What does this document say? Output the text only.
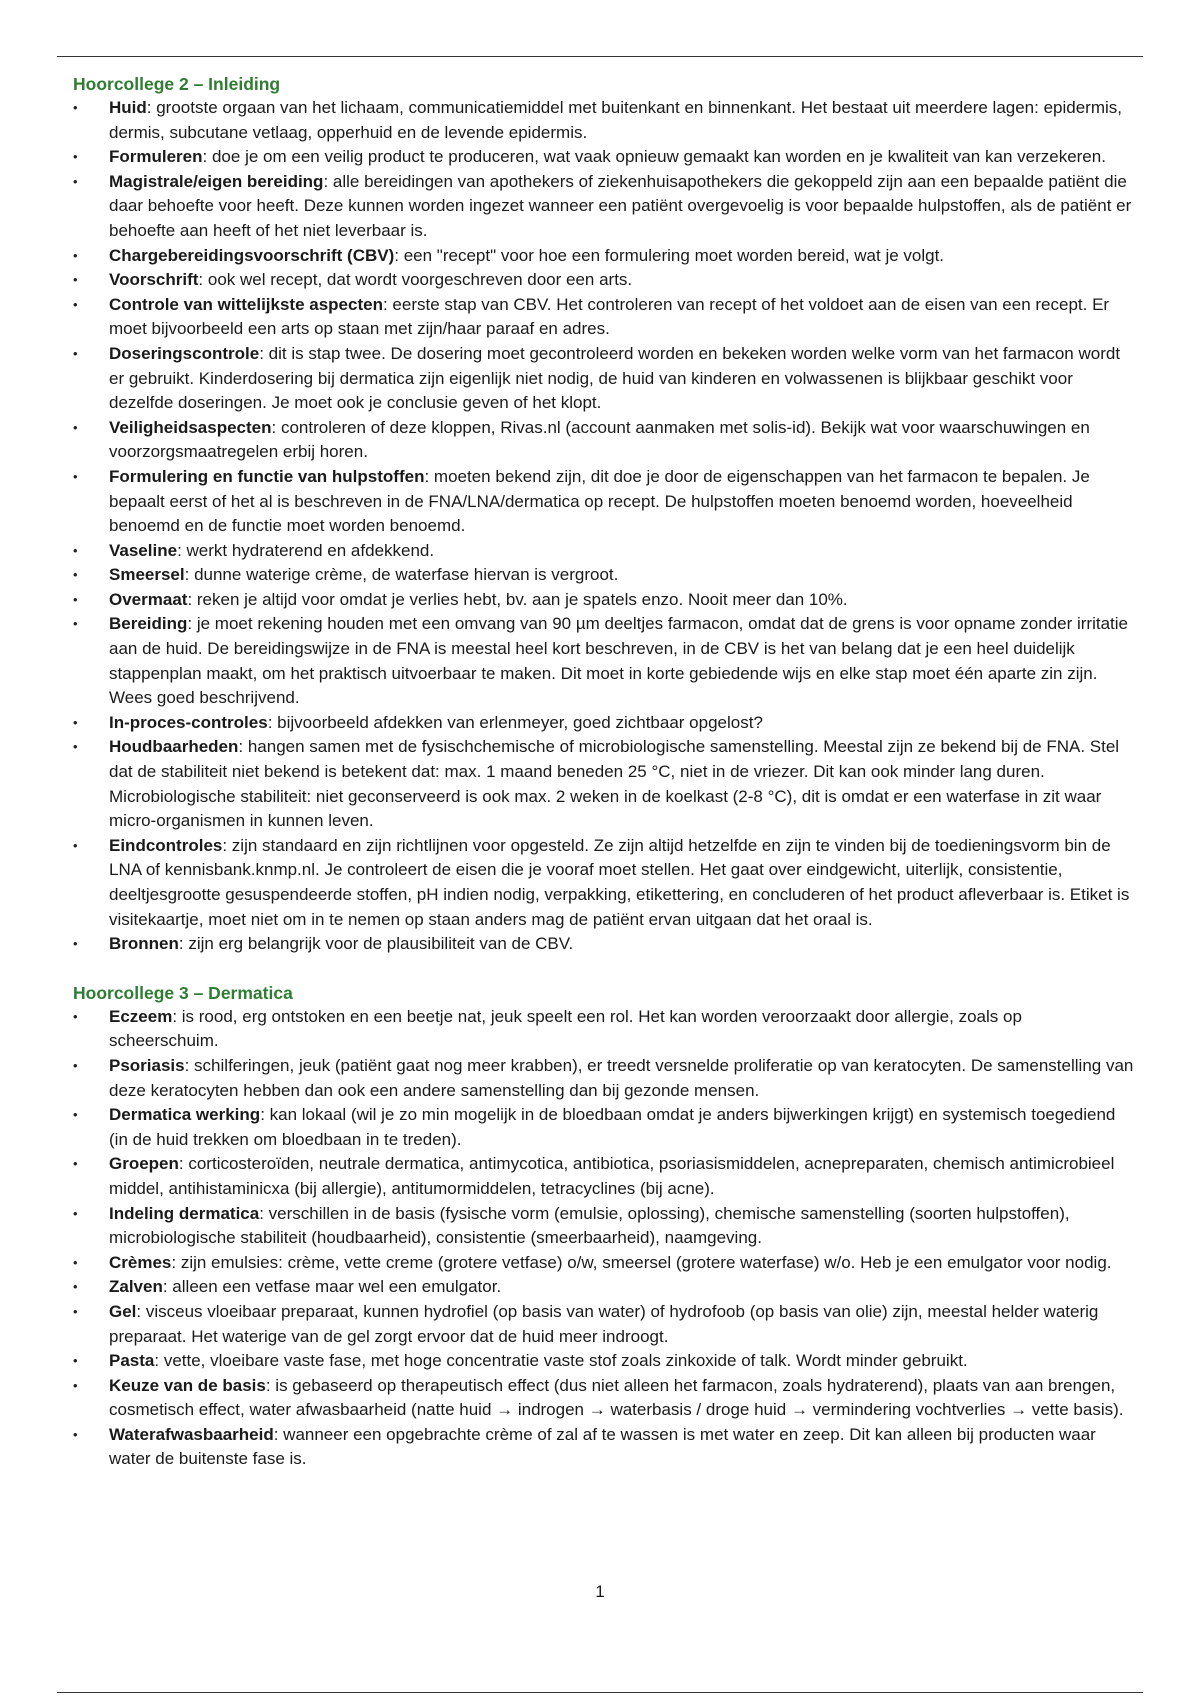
Hoorcollege 2 – Inleiding
• Huid: grootste orgaan van het lichaam, communicatiemiddel met buitenkant en binnenkant. Het bestaat uit meerdere lagen: epidermis, dermis, subcutane vetlaag, opperhuid en de levende epidermis.
• Formuleren: doe je om een veilig product te produceren, wat vaak opnieuw gemaakt kan worden en je kwaliteit van kan verzekeren.
• Magistrale/eigen bereiding: alle bereidingen van apothekers of ziekenhuisapothekers die gekoppeld zijn aan een bepaalde patiënt die daar behoefte voor heeft. Deze kunnen worden ingezet wanneer een patiënt overgevoelig is voor bepaalde hulpstoffen, als de patiënt er behoefte aan heeft of het niet leverbaar is.
• Chargebereidingsvoorschrift (CBV): een "recept" voor hoe een formulering moet worden bereid, wat je volgt.
• Voorschrift: ook wel recept, dat wordt voorgeschreven door een arts.
• Controle van wittelijkste aspecten: eerste stap van CBV. Het controleren van recept of het voldoet aan de eisen van een recept. Er moet bijvoorbeeld een arts op staan met zijn/haar paraaf en adres.
• Doseringscontrole: dit is stap twee. De dosering moet gecontroleerd worden en bekeken worden welke vorm van het farmacon wordt er gebruikt. Kinderdosering bij dermatica zijn eigenlijk niet nodig, de huid van kinderen en volwassenen is blijkbaar geschikt voor dezelfde doseringen. Je moet ook je conclusie geven of het klopt.
• Veiligheidsaspecten: controleren of deze kloppen, Rivas.nl (account aanmaken met solis-id). Bekijk wat voor waarschuwingen en voorzorgsmaatregelen erbij horen.
• Formulering en functie van hulpstoffen: moeten bekend zijn, dit doe je door de eigenschappen van het farmacon te bepalen. Je bepaalt eerst of het al is beschreven in de FNA/LNA/dermatica op recept. De hulpstoffen moeten benoemd worden, hoeveelheid benoemd en de functie moet worden benoemd.
• Vaseline: werkt hydraterend en afdekkend.
• Smeersel: dunne waterige crème, de waterfase hiervan is vergroot.
• Overmaat: reken je altijd voor omdat je verlies hebt, bv. aan je spatels enzo. Nooit meer dan 10%.
• Bereiding: je moet rekening houden met een omvang van 90 µm deeltjes farmacon, omdat dat de grens is voor opname zonder irritatie aan de huid. De bereidingswijze in de FNA is meestal heel kort beschreven, in de CBV is het van belang dat je een heel duidelijk stappenplan maakt, om het praktisch uitvoerbaar te maken. Dit moet in korte gebiedende wijs en elke stap moet één aparte zin zijn. Wees goed beschrijvend.
• In-proces-controles: bijvoorbeeld afdekken van erlenmeyer, goed zichtbaar opgelost?
• Houdbaarheden: hangen samen met de fysischchemische of microbiologische samenstelling. Meestal zijn ze bekend bij de FNA. Stel dat de stabiliteit niet bekend is betekent dat: max. 1 maand beneden 25 °C, niet in de vriezer. Dit kan ook minder lang duren. Microbiologische stabiliteit: niet geconserveerd is ook max. 2 weken in de koelkast (2-8 °C), dit is omdat er een waterfase in zit waar micro-organismen in kunnen leven.
• Eindcontroles: zijn standaard en zijn richtlijnen voor opgesteld. Ze zijn altijd hetzelfde en zijn te vinden bij de toedieningsvorm bin de LNA of kennisbank.knmp.nl. Je controleert de eisen die je vooraf moet stellen. Het gaat over eindgewicht, uiterlijk, consistentie, deeltjesgrootte gesuspendeerde stoffen, pH indien nodig, verpakking, etikettering, en concluderen of het product afleverbaar is. Etiket is visitekaartje, moet niet om in te nemen op staan anders mag de patiënt ervan uitgaan dat het oraal is.
• Bronnen: zijn erg belangrijk voor de plausibiliteit van de CBV.
Hoorcollege 3 – Dermatica
• Eczeem: is rood, erg ontstoken en een beetje nat, jeuk speelt een rol. Het kan worden veroorzaakt door allergie, zoals op scheerschuim.
• Psoriasis: schilferingen, jeuk (patiënt gaat nog meer krabben), er treedt versnelde proliferatie op van keratocyten. De samenstelling van deze keratocyten hebben dan ook een andere samenstelling dan bij gezonde mensen.
• Dermatica werking: kan lokaal (wil je zo min mogelijk in de bloedbaan omdat je anders bijwerkingen krijgt) en systemisch toegediend (in de huid trekken om bloedbaan in te treden).
• Groepen: corticosteroïden, neutrale dermatica, antimycotica, antibiotica, psoriasismiddelen, acnepreparaten, chemisch antimicrobieel middel, antihistaminicxa (bij allergie), antitumormiddelen, tetracyclines (bij acne).
• Indeling dermatica: verschillen in de basis (fysische vorm (emulsie, oplossing), chemische samenstelling (soorten hulpstoffen), microbiologische stabiliteit (houdbaarheid), consistentie (smeerbaarheid), naamgeving.
• Crèmes: zijn emulsies: crème, vette creme (grotere vetfase) o/w, smeersel (grotere waterfase) w/o. Heb je een emulgator voor nodig.
• Zalven: alleen een vetfase maar wel een emulgator.
• Gel: visceus vloeibaar preparaat, kunnen hydrofiel (op basis van water) of hydrofoob (op basis van olie) zijn, meestal helder waterig preparaat. Het waterige van de gel zorgt ervoor dat de huid meer indroogt.
• Pasta: vette, vloeibare vaste fase, met hoge concentratie vaste stof zoals zinkoxide of talk. Wordt minder gebruikt.
• Keuze van de basis: is gebaseerd op therapeutisch effect (dus niet alleen het farmacon, zoals hydraterend), plaats van aan brengen, cosmetisch effect, water afwasbaarheid (natte huid → indrogen → waterbasis / droge huid → vermindering vochtverlies → vette basis).
• Waterafwasbaarheid: wanneer een opgebrachte crème of zal af te wassen is met water en zeep. Dit kan alleen bij producten waar water de buitenste fase is.
1
